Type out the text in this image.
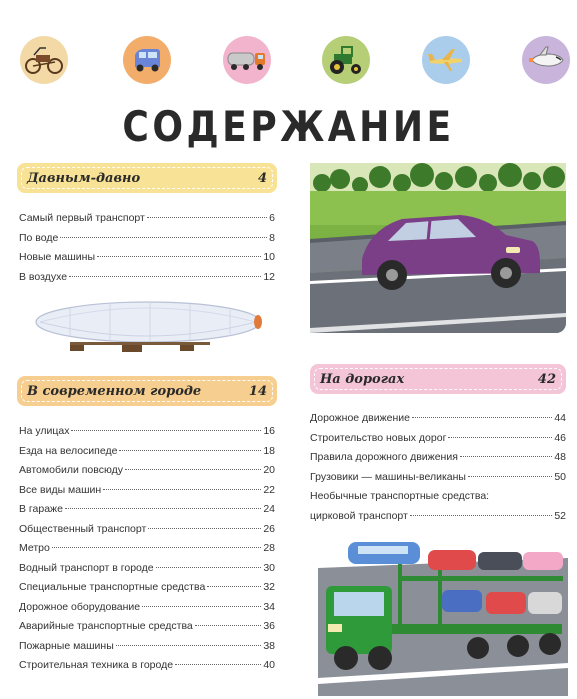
СОДЕРЖАНИЕ
Давным-давно	4
Самый первый транспорт	6
По воде	8
Новые машины	10
В воздухе	12
В современном городе	14
На улицах	16
Езда на велосипеде	18
Автомобили повсюду	20
Все виды машин	22
В гараже	24
Общественный транспорт	26
Метро	28
Водный транспорт в городе	30
Специальные транспортные средства	32
Дорожное оборудование	34
Аварийные транспортные средства	36
Пожарные машины	38
Строительная техника в городе	40
На дорогах	42
Дорожное движение	44
Строительство новых дорог	46
Правила дорожного движения	48
Грузовики — машины-великаны	50
Необычные транспортные средства:
цирковой транспорт	52
